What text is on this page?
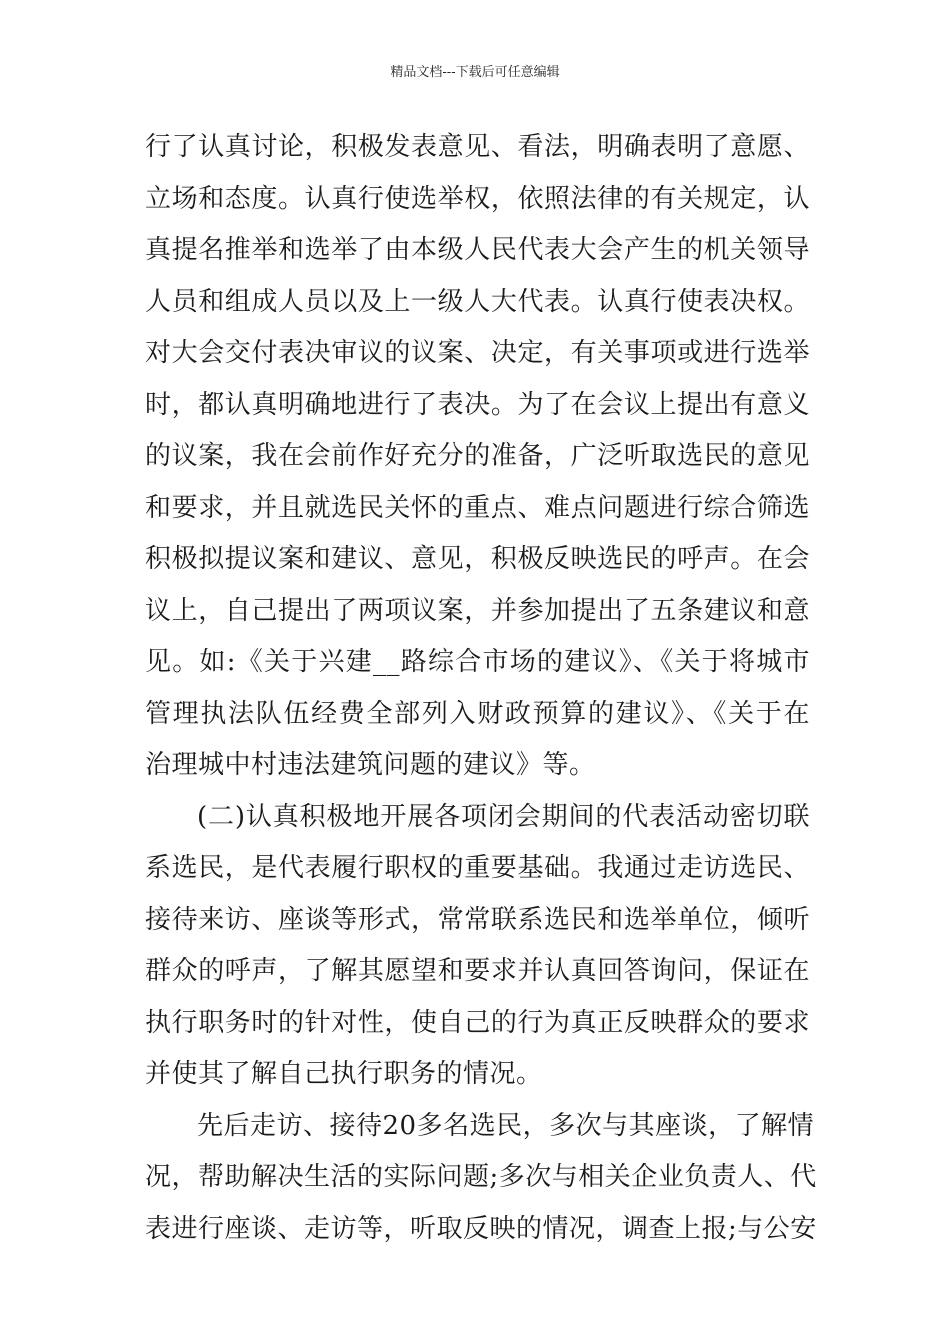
精品文档---下载后可任意编辑
行了认真讨论，积极发表意见、看法，明确表明了意愿、
立场和态度。认真行使选举权，依照法律的有关规定，认
真提名推举和选举了由本级人民代表大会产生的机关领导
人员和组成人员以及上一级人大代表。认真行使表决权。
对大会交付表决审议的议案、决定，有关事项或进行选举
时，都认真明确地进行了表决。为了在会议上提出有意义
的议案，我在会前作好充分的准备，广泛听取选民的意见
和要求，并且就选民关怀的重点、难点问题进行综合筛选
积极拟提议案和建议、意见，积极反映选民的呼声。在会
议上，自己提出了两项议案，并参加提出了五条建议和意
见。如:《关于兴建__路综合市场的建议》、《关于将城市
管理执法队伍经费全部列入财政预算的建议》、《关于在
治理城中村违法建筑问题的建议》等。
(二)认真积极地开展各项闭会期间的代表活动密切联
系选民，是代表履行职权的重要基础。我通过走访选民、
接待来访、座谈等形式，常常联系选民和选举单位，倾听
群众的呼声，了解其愿望和要求并认真回答询问，保证在
执行职务时的针对性，使自己的行为真正反映群众的要求
并使其了解自己执行职务的情况。
先后走访、接待20多名选民，多次与其座谈，了解情
况，帮助解决生活的实际问题;多次与相关企业负责人、代
表进行座谈、走访等，听取反映的情况，调查上报;与公安
